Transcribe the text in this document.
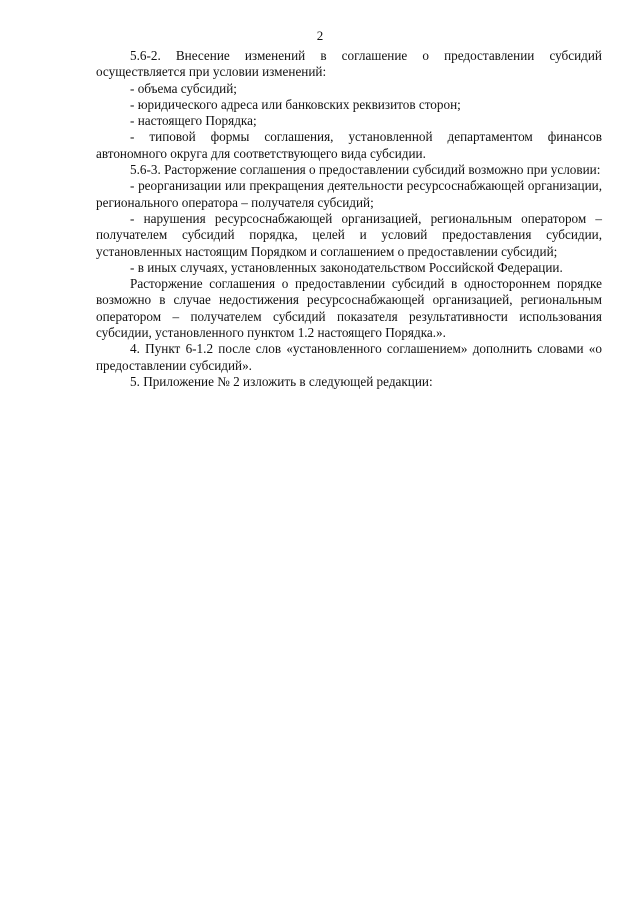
2

5.6-2. Внесение изменений в соглашение о предоставлении субсидий осуществляется при условии изменений:

- объема субсидий;

- юридического адреса или банковских реквизитов сторон;

- настоящего Порядка;

- типовой формы соглашения, установленной департаментом финансов автономного округа для соответствующего вида субсидии.

5.6-3. Расторжение соглашения о предоставлении субсидий возможно при условии:

- реорганизации или прекращения деятельности ресурсоснабжающей организации, регионального оператора – получателя субсидий;

- нарушения ресурсоснабжающей организацией, региональным оператором – получателем субсидий порядка, целей и условий предоставления субсидии, установленных настоящим Порядком и соглашением о предоставлении субсидий;

- в иных случаях, установленных законодательством Российской Федерации.

Расторжение соглашения о предоставлении субсидий в одностороннем порядке возможно в случае недостижения ресурсоснабжающей организацией, региональным оператором – получателем субсидий показателя результативности использования субсидии, установленного пунктом 1.2 настоящего Порядка.».

4. Пункт 6-1.2 после слов «установленного соглашением» дополнить словами «о предоставлении субсидий».

5. Приложение № 2 изложить в следующей редакции:
